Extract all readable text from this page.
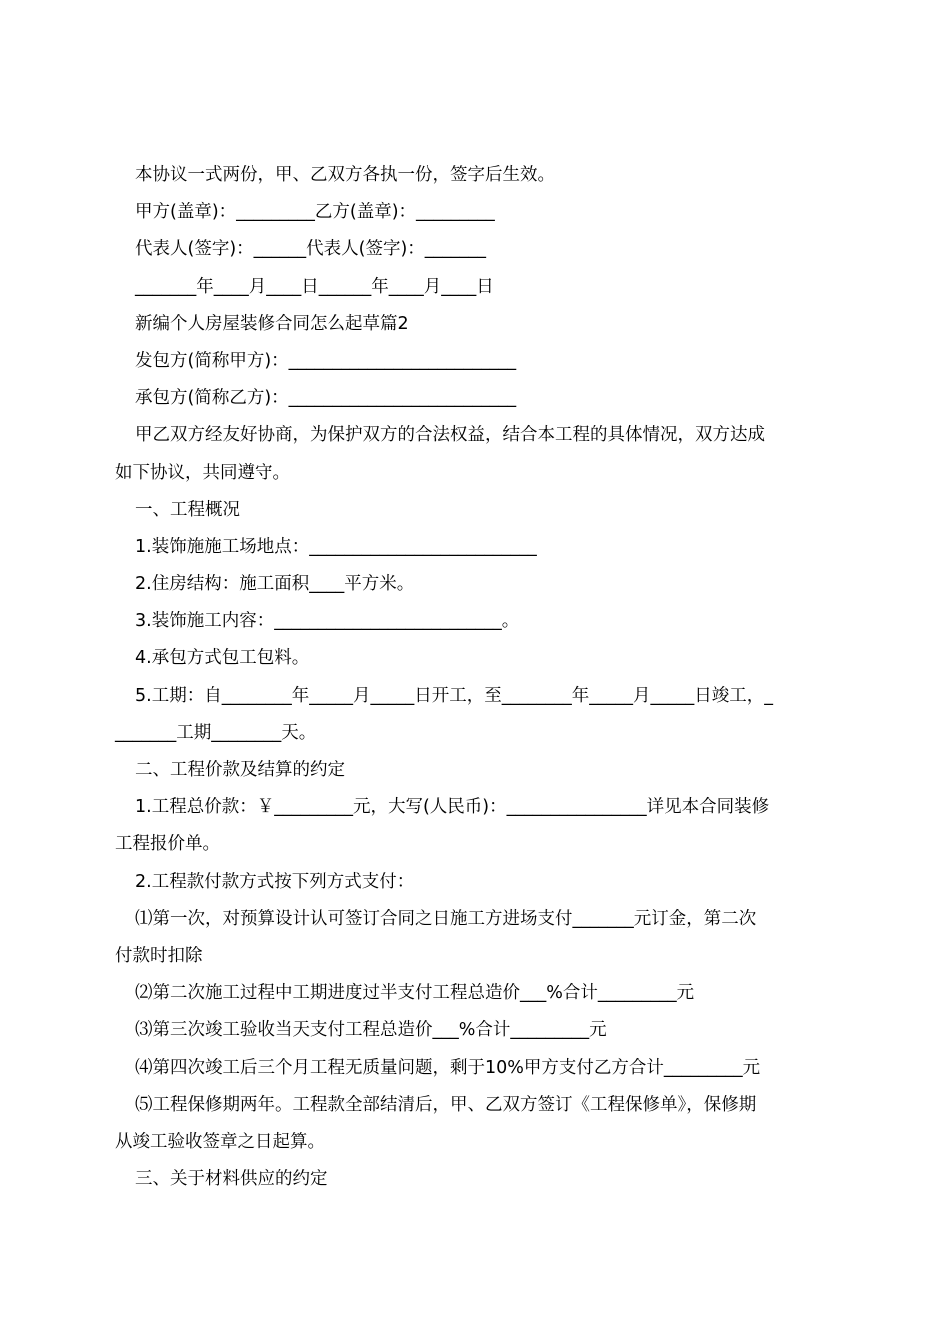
本协议一式两份，甲、乙双方各执一份，签字后生效。
甲方(盖章)：_________乙方(盖章)：_________
代表人(签字)：______代表人(签字)：_______
_______年____月____日______年____月____日
新编个人房屋装修合同怎么起草篇2
发包方(简称甲方)：__________________________
承包方(简称乙方)：__________________________
甲乙双方经友好协商，为保护双方的合法权益，结合本工程的具体情况，双方达成
如下协议，共同遵守。
一、工程概况
1.装饰施施工场地点：__________________________
2.住房结构：施工面积____平方米。
3.装饰施工内容：__________________________。
4.承包方式包工包料。
5.工期：自________年_____月_____日开工，至________年_____月_____日竣工，_
_______工期________天。
二、工程价款及结算的约定
1.工程总价款：￥_________元，大写(人民币)：________________详见本合同装修
工程报价单。
2.工程款付款方式按下列方式支付：
⑴第一次，对预算设计认可签订合同之日施工方进场支付_______元订金，第二次
付款时扣除
⑵第二次施工过程中工期进度过半支付工程总造价___%合计_________元
⑶第三次竣工验收当天支付工程总造价___%合计_________元
⑷第四次竣工后三个月工程无质量问题，剩于10%甲方支付乙方合计_________元
⑸工程保修期两年。工程款全部结清后，甲、乙双方签订《工程保修单》，保修期
从竣工验收签章之日起算。
三、关于材料供应的约定
